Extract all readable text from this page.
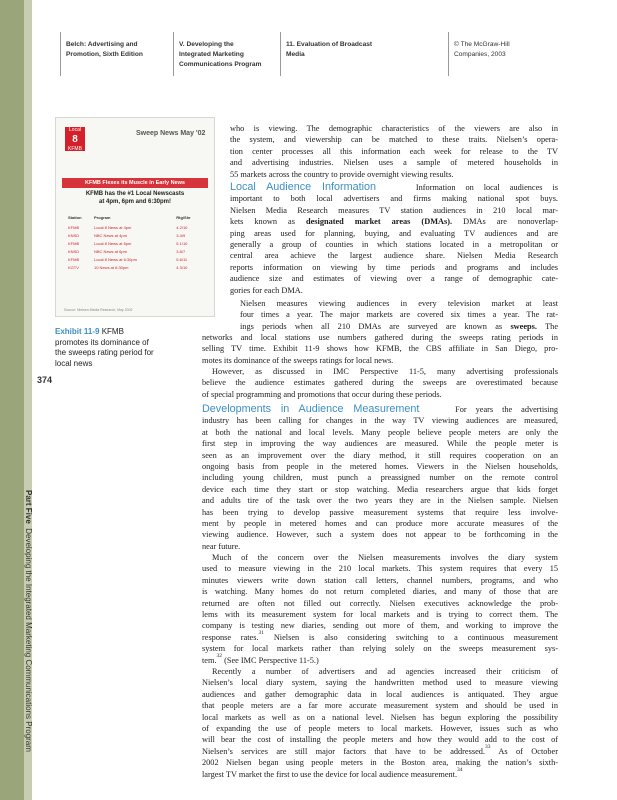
374
Part Five  Developing the Integrated Marketing Communications Program
Belch: Advertising and
Promotion, Sixth Edition
V. Developing the
Integrated Marketing
Communications Program
11. Evaluation of Broadcast
Media
© The McGraw-Hill
Companies, 2003
Local
8
KFMB
Sweep News May '02
KFMB Flexes its Muscle in Early News
KFMB has the #1 Local Newscasts
at 4pm, 6pm and 6:30pm!
Station	Program	Rtg/Shr
KFMB	Local 8 News at 4pm	4.2/10
KNSD	NBC News at 4pm	3.4/9
KFMB	Local 8 News at 6pm	5.1/10
KNSD	NBC News at 6pm	3.8/7
KFMB	Local 8 News at 6:30pm	5.6/11
KGTV	10 News at 6:30pm	4.3/10
Source: Nielsen Media Research, May 2002
Exhibit 11-9 KFMB
promotes its dominance of
the sweeps rating period for
local news
who is viewing. The demographic characteristics of the viewers are also in
the system, and viewership can be matched to these traits. Nielsen’s opera-
tion center processes all this information each week for release to the TV
and advertising industries. Nielsen uses a sample of metered households in
55 markets across the country to provide overnight viewing results.
Local Audience Information	Information on local audiences is
important to both local advertisers and firms making national spot buys.
Nielsen Media Research measures TV station audiences in 210 local mar-
kets known as designated market areas (DMAs). DMAs are nonoverlap-
ping areas used for planning, buying, and evaluating TV audiences and are
generally a group of counties in which stations located in a metropolitan or
central area achieve the largest audience share. Nielsen Media Research
reports information on viewing by time periods and programs and includes
audience size and estimates of viewing over a range of demographic cate-
gories for each DMA.
Nielsen measures viewing audiences in every television market at least
four times a year. The major markets are covered six times a year. The rat-
ings periods when all 210 DMAs are surveyed are known as sweeps. The
networks and local stations use numbers gathered during the sweeps rating periods in
selling TV time. Exhibit 11-9 shows how KFMB, the CBS affiliate in San Diego, pro-
motes its dominance of the sweeps ratings for local news.
However, as discussed in IMC Perspective 11-5, many advertising professionals
believe the audience estimates gathered during the sweeps are overestimated because
of special programming and promotions that occur during these periods.
Developments in Audience Measurement	For years the advertising
industry has been calling for changes in the way TV viewing audiences are measured,
at both the national and local levels. Many people believe people meters are only the
first step in improving the way audiences are measured. While the people meter is
seen as an improvement over the diary method, it still requires cooperation on an
ongoing basis from people in the metered homes. Viewers in the Nielsen households,
including young children, must punch a preassigned number on the remote control
device each time they start or stop watching. Media researchers argue that kids forget
and adults tire of the task over the two years they are in the Nielsen sample. Nielsen
has been trying to develop passive measurement systems that require less involve-
ment by people in metered homes and can produce more accurate measures of the
viewing audience. However, such a system does not appear to be forthcoming in the
near future.
Much of the concern over the Nielsen measurements involves the diary system
used to measure viewing in the 210 local markets. This system requires that every 15
minutes viewers write down station call letters, channel numbers, programs, and who
is watching. Many homes do not return completed diaries, and many of those that are
returned are often not filled out correctly. Nielsen executives acknowledge the prob-
lems with its measurement system for local markets and is trying to correct them. The
company is testing new diaries, sending out more of them, and working to improve the
response rates.$^{31}$ Nielsen is also considering switching to a continuous measurement
system for local markets rather than relying solely on the sweeps measurement sys-
tem.$^{32}$ (See IMC Perspective 11-5.)
Recently a number of advertisers and ad agencies increased their criticism of
Nielsen’s local diary system, saying the handwritten method used to measure viewing
audiences and gather demographic data in local audiences is antiquated. They argue
that people meters are a far more accurate measurement system and should be used in
local markets as well as on a national level. Nielsen has begun exploring the possibility
of expanding the use of people meters to local markets. However, issues such as who
will bear the cost of installing the people meters and how they would add to the cost of
Nielsen’s services are still major factors that have to be addressed.$^{33}$ As of October
2002 Nielsen began using people meters in the Boston area, making the nation’s sixth-
largest TV market the first to use the device for local audience measurement.$^{34}$
